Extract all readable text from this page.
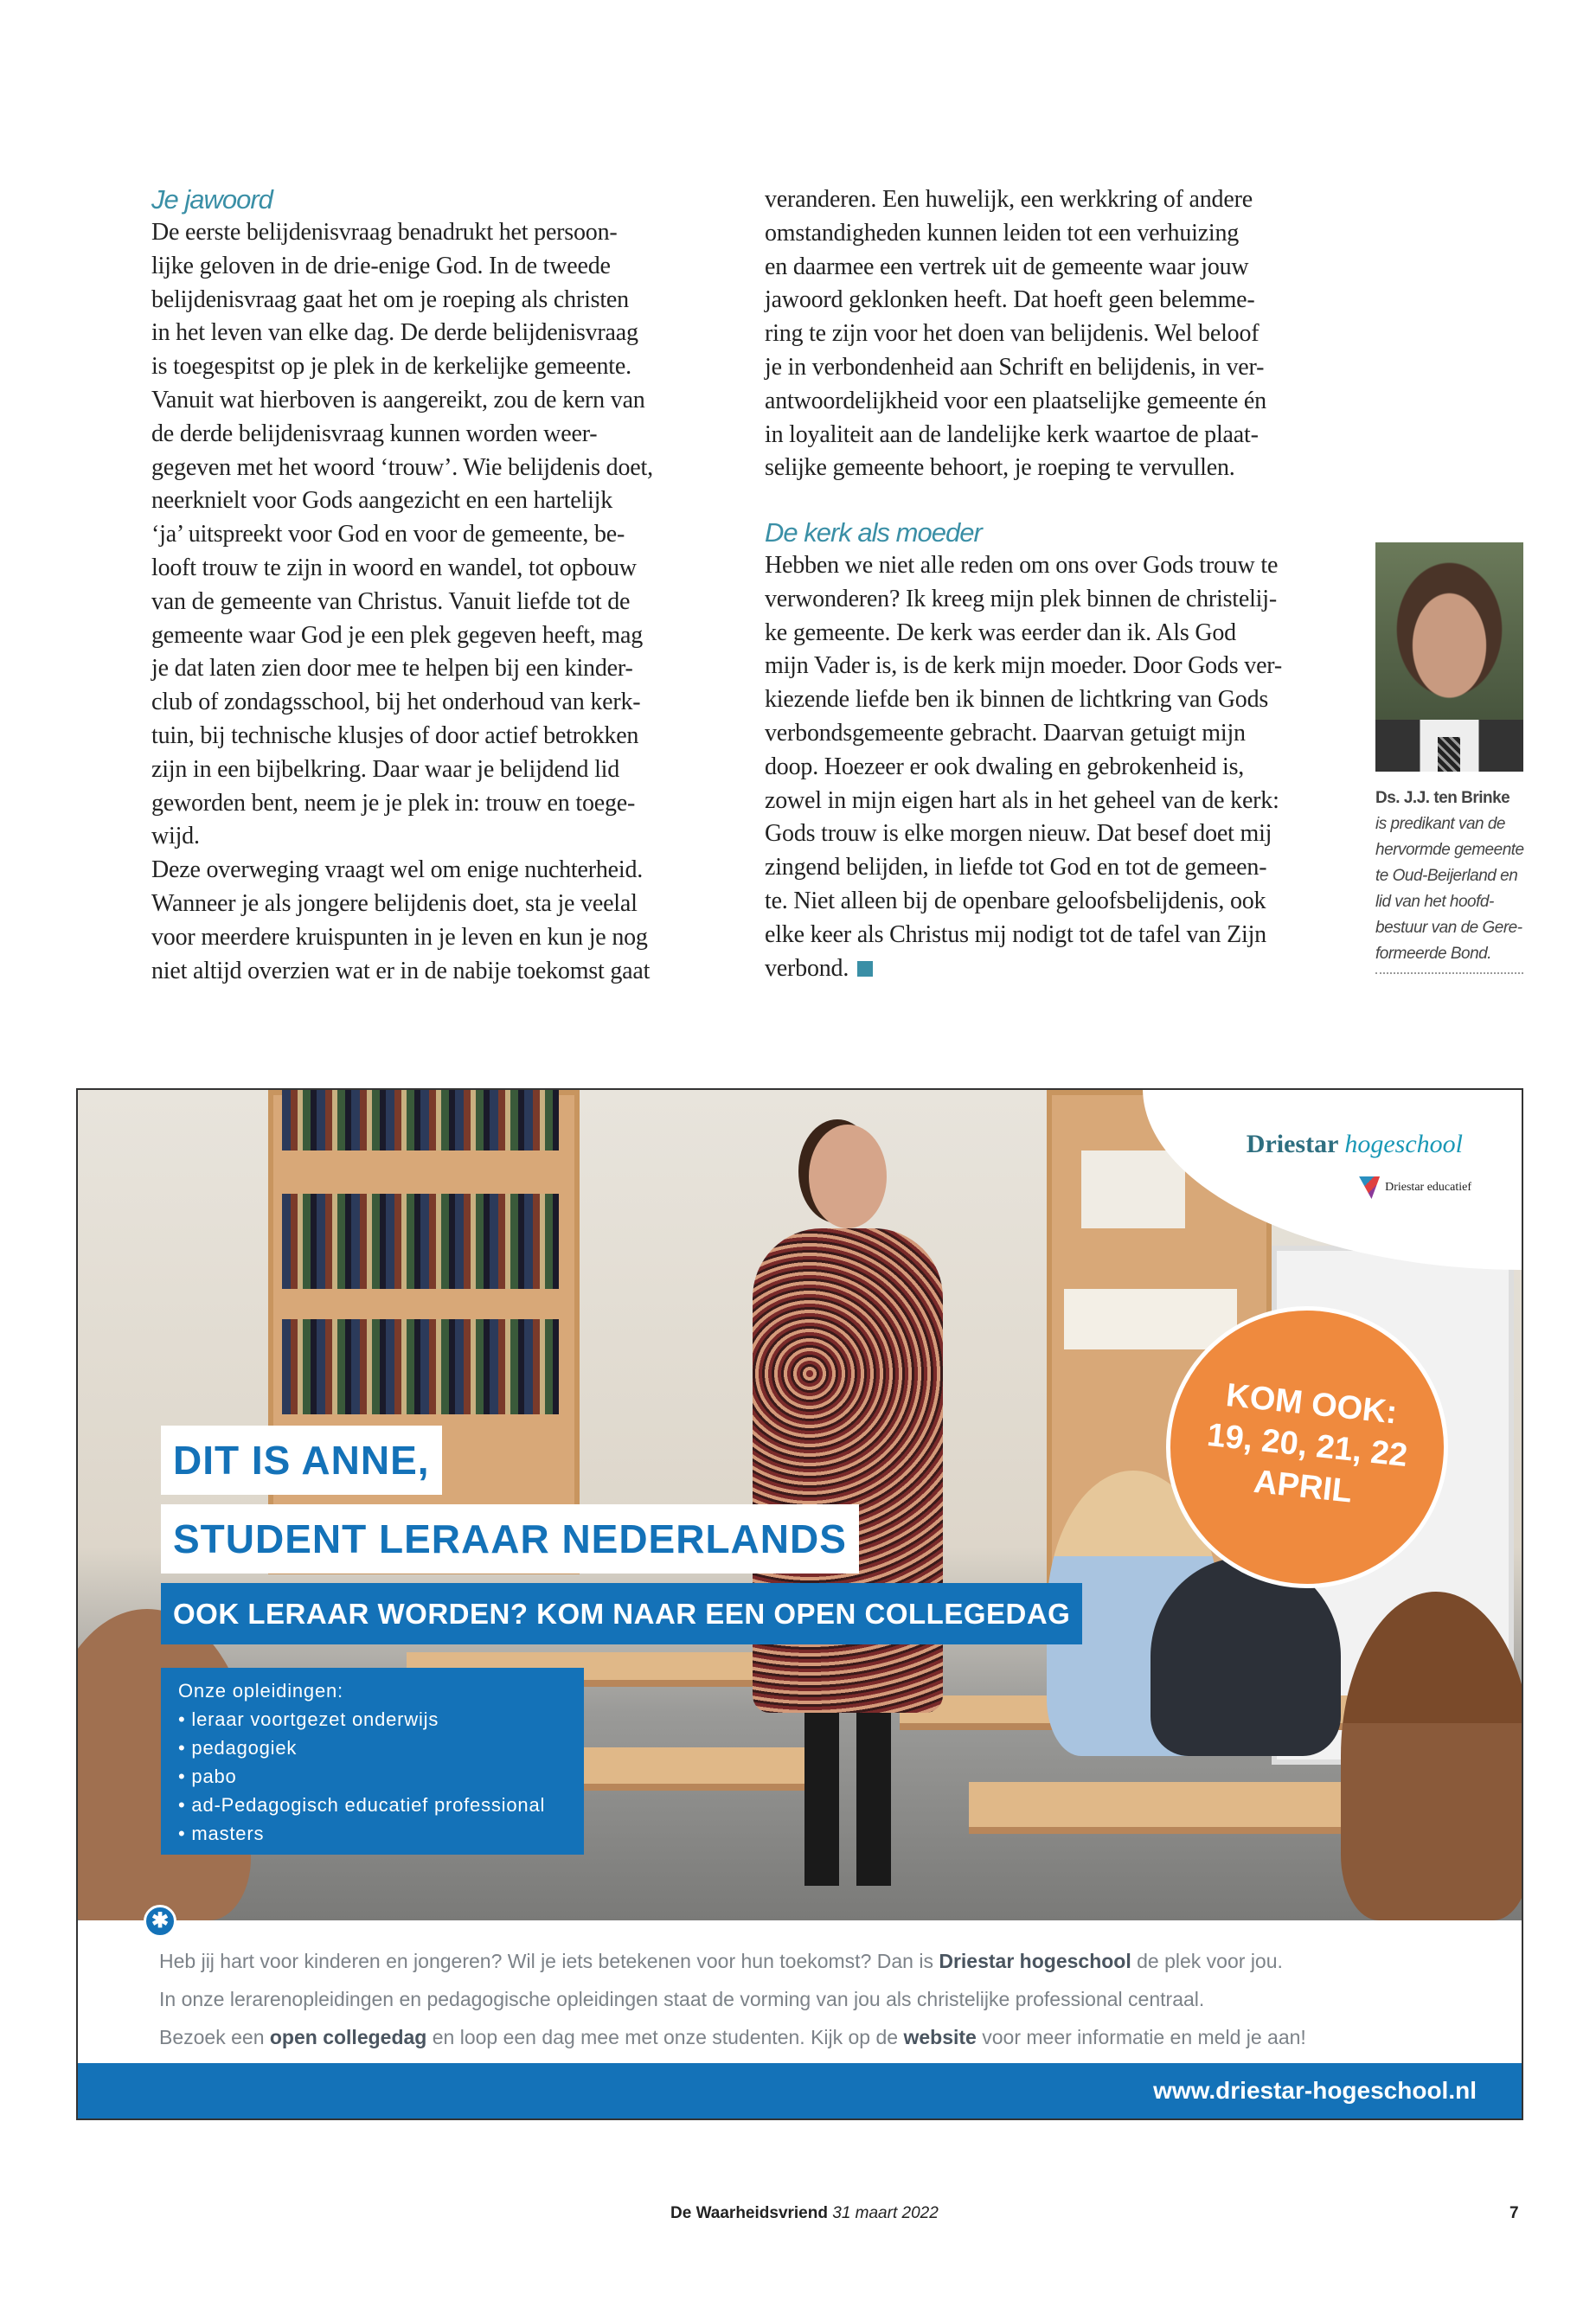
Je jawoord
De eerste belijdenisvraag benadrukt het persoon-
lijke geloven in de drie-enige God. In de tweede
belijdenisvraag gaat het om je roeping als christen
in het leven van elke dag. De derde belijdenisvraag
is toegespitst op je plek in de kerkelijke gemeente.
Vanuit wat hierboven is aangereikt, zou de kern van
de derde belijdenisvraag kunnen worden weer-
gegeven met het woord ‘trouw’. Wie belijdenis doet,
neerknielt voor Gods aangezicht en een hartelijk
‘ja’ uitspreekt voor God en voor de gemeente, be-
looft trouw te zijn in woord en wandel, tot opbouw
van de gemeente van Christus. Vanuit liefde tot de
gemeente waar God je een plek gegeven heeft, mag
je dat laten zien door mee te helpen bij een kinder-
club of zondagsschool, bij het onderhoud van kerk-
tuin, bij technische klusjes of door actief betrokken
zijn in een bijbelkring. Daar waar je belijdend lid
geworden bent, neem je je plek in: trouw en toege-
wijd.
Deze overweging vraagt wel om enige nuchterheid.
Wanneer je als jongere belijdenis doet, sta je veelal
voor meerdere kruispunten in je leven en kun je nog
niet altijd overzien wat er in de nabije toekomst gaat
veranderen. Een huwelijk, een werkkring of andere
omstandigheden kunnen leiden tot een verhuizing
en daarmee een vertrek uit de gemeente waar jouw
jawoord geklonken heeft. Dat hoeft geen belemme-
ring te zijn voor het doen van belijdenis. Wel beloof
je in verbondenheid aan Schrift en belijdenis, in ver-
antwoordelijkheid voor een plaatselijke gemeente én
in loyaliteit aan de landelijke kerk waartoe de plaat-
selijke gemeente behoort, je roeping te vervullen.
De kerk als moeder
Hebben we niet alle reden om ons over Gods trouw te
verwonderen? Ik kreeg mijn plek binnen de christelij-
ke gemeente. De kerk was eerder dan ik. Als God
mijn Vader is, is de kerk mijn moeder. Door Gods ver-
kiezende liefde ben ik binnen de lichtkring van Gods
verbondsgemeente gebracht. Daarvan getuigt mijn
doop. Hoezeer er ook dwaling en gebrokenheid is,
zowel in mijn eigen hart als in het geheel van de kerk:
Gods trouw is elke morgen nieuw. Dat besef doet mij
zingend belijden, in liefde tot God en tot de gemeen-
te. Niet alleen bij de openbare geloofsbelijdenis, ook
elke keer als Christus mij nodigt tot de tafel van Zijn
verbond.
Ds. J.J. ten Brinke
is predikant van de
hervormde gemeente
te Oud-Beijerland en
lid van het hoofd-
bestuur van de Gere-
formeerde Bond.
Driestar hogeschool
Driestar educatief
KOM OOK:
19, 20, 21, 22
APRIL
DIT IS ANNE,
STUDENT LERAAR NEDERLANDS
OOK LERAAR WORDEN? KOM NAAR EEN OPEN COLLEGEDAG
Onze opleidingen:
• leraar voortgezet onderwijs
• pedagogiek
• pabo
• ad-Pedagogisch educatief professional
• masters
✱
Heb jij hart voor kinderen en jongeren? Wil je iets betekenen voor hun toekomst? Dan is Driestar hogeschool de plek voor jou.
In onze lerarenopleidingen en pedagogische opleidingen staat de vorming van jou als christelijke professional centraal.
Bezoek een open collegedag en loop een dag mee met onze studenten. Kijk op de website voor meer informatie en meld je aan!
www.driestar-hogeschool.nl
De Waarheidsvriend 31 maart 2022	7
